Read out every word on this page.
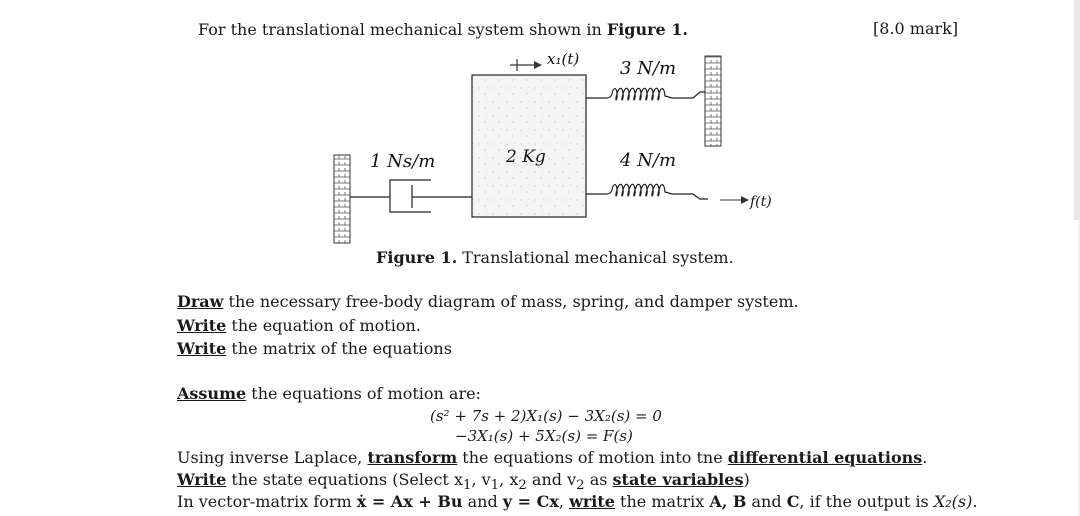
For the translational mechanical system shown in Figure 1.	[8.0 mark]
2 Kg
x₁(t) 3 N/m
1 Ns/m	4 N/m
f(t)
Figure 1. Translational mechanical system.
Draw the necessary free-body diagram of mass, spring, and damper system.
Write the equation of motion.
Write the matrix of the equations
Assume the equations of motion are:
(s² + 7s + 2)X₁(s) − 3X₂(s) = 0
−3X₁(s) + 5X₂(s) = F(s)
Using inverse Laplace, transform the equations of motion into tne differential equations.
Write the state equations (Select $x_1$, $v_1$, $x_2$ and $v_2$ as state variables)
In vector-matrix form ẋ = Ax + Bu and y = Cx, write the matrix A, B and C, if the output is X₂(s).
